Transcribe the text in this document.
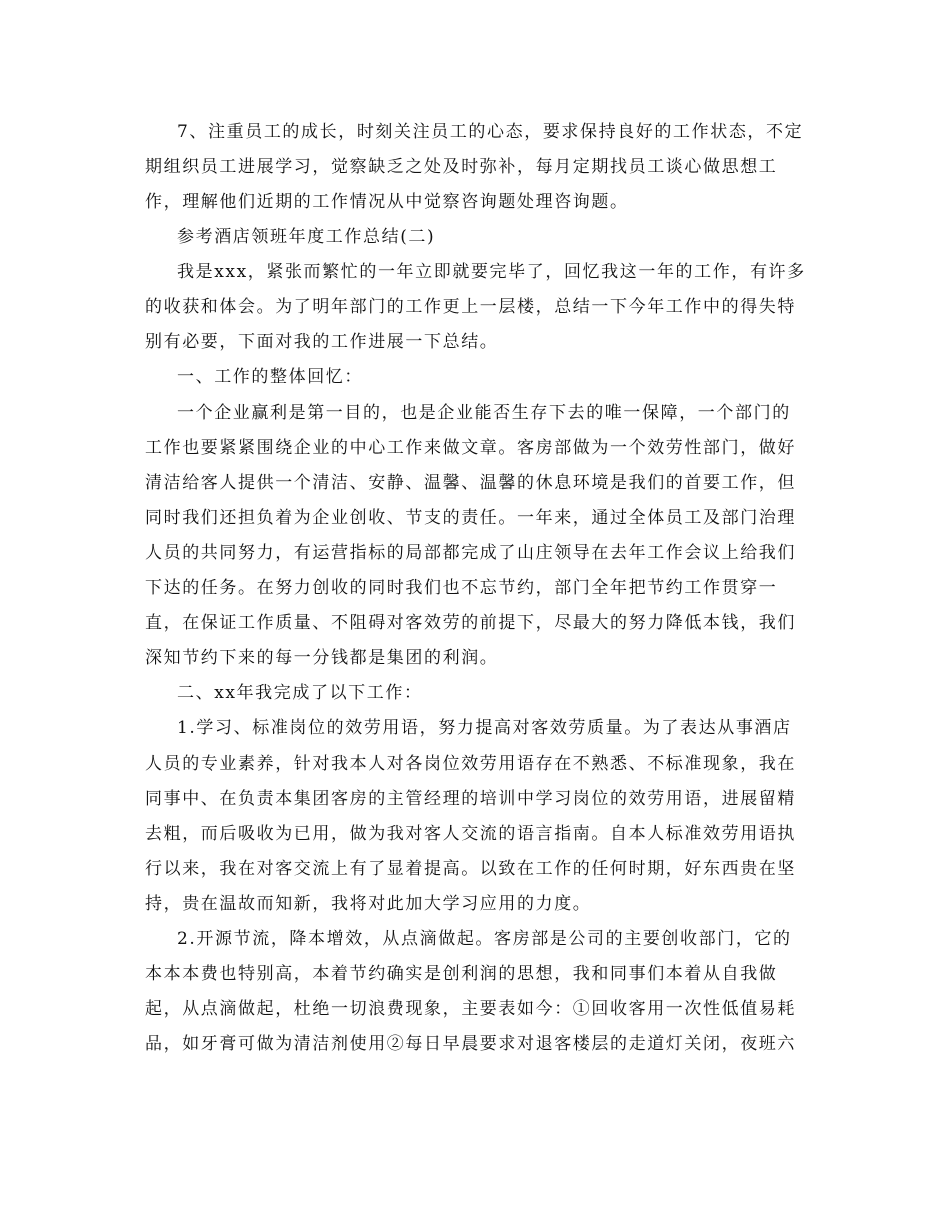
7、注重员工的成长，时刻关注员工的心态，要求保持良好的工作状态，不定
期组织员工进展学习，觉察缺乏之处及时弥补，每月定期找员工谈心做思想工
作，理解他们近期的工作情况从中觉察咨询题处理咨询题。
参考酒店领班年度工作总结(二)
我是xxx，紧张而繁忙的一年立即就要完毕了，回忆我这一年的工作，有许多
的收获和体会。为了明年部门的工作更上一层楼，总结一下今年工作中的得失特
别有必要，下面对我的工作进展一下总结。
一、工作的整体回忆：
一个企业赢利是第一目的，也是企业能否生存下去的唯一保障，一个部门的
工作也要紧紧围绕企业的中心工作来做文章。客房部做为一个效劳性部门，做好
清洁给客人提供一个清洁、安静、温馨、温馨的休息环境是我们的首要工作，但
同时我们还担负着为企业创收、节支的责任。一年来，通过全体员工及部门治理
人员的共同努力，有运营指标的局部都完成了山庄领导在去年工作会议上给我们
下达的任务。在努力创收的同时我们也不忘节约，部门全年把节约工作贯穿一
直，在保证工作质量、不阻碍对客效劳的前提下，尽最大的努力降低本钱，我们
深知节约下来的每一分钱都是集团的利润。
二、xx年我完成了以下工作：
1.学习、标准岗位的效劳用语，努力提高对客效劳质量。为了表达从事酒店
人员的专业素养，针对我本人对各岗位效劳用语存在不熟悉、不标准现象，我在
同事中、在负责本集团客房的主管经理的培训中学习岗位的效劳用语，进展留精
去粗，而后吸收为已用，做为我对客人交流的语言指南。自本人标准效劳用语执
行以来，我在对客交流上有了显着提高。以致在工作的任何时期，好东西贵在坚
持，贵在温故而知新，我将对此加大学习应用的力度。
2.开源节流，降本增效，从点滴做起。客房部是公司的主要创收部门，它的
本本本费也特别高，本着节约确实是创利润的思想，我和同事们本着从自我做
起，从点滴做起，杜绝一切浪费现象，主要表如今：①回收客用一次性低值易耗
品，如牙膏可做为清洁剂使用②每日早晨要求对退客楼层的走道灯关闭，夜班六
